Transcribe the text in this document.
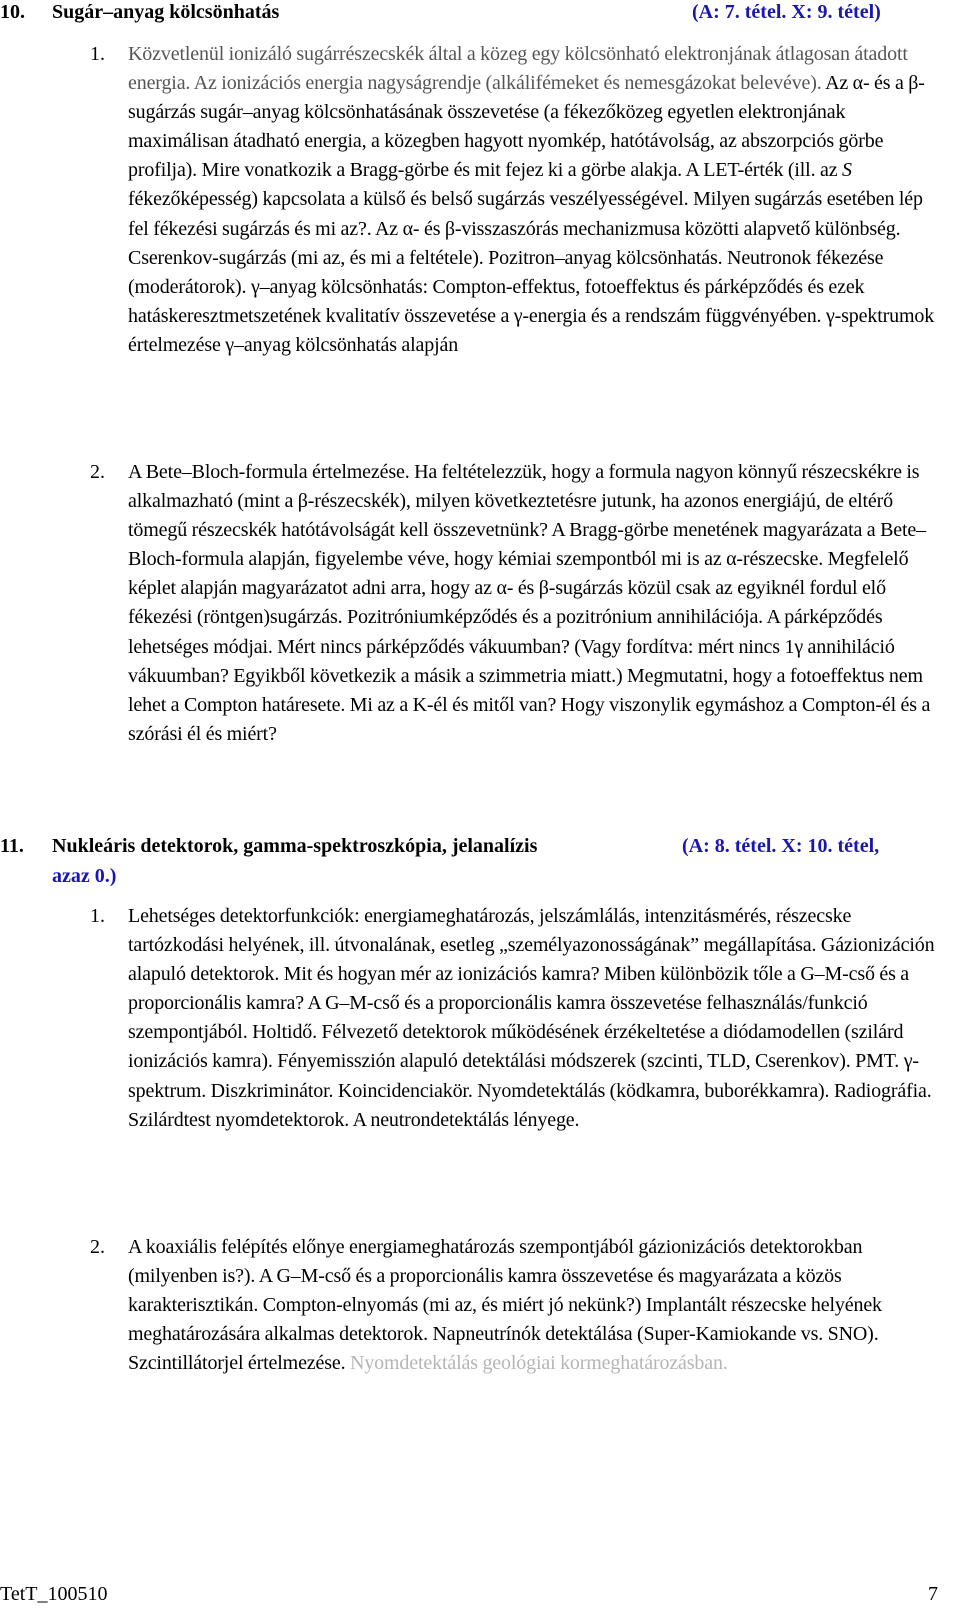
10. Sugár–anyag kölcsönhatás	(A: 7. tétel. X: 9. tétel)
1. Közvetlenül ionizáló sugárrészecskék által a közeg egy kölcsönható elektronjának átlagosan átadott energia. Az ionizációs energia nagyságrendje (alkálifémeket és nemesgázokat belevéve). Az α- és a β-sugárzás sugár–anyag kölcsönhatásának összevetése (a fékezőközeg egyetlen elektronjának maximálisan átadható energia, a közegben hagyott nyomkép, hatótávolság, az abszorpciós görbe profilja). Mire vonatkozik a Bragg-görbe és mit fejez ki a görbe alakja. A LET-érték (ill. az S fékezőképesség) kapcsolata a külső és belső sugárzás veszélyességével. Milyen sugárzás esetében lép fel fékezési sugárzás és mi az?. Az α- és β-visszaszórás mechanizmusa közötti alapvető különbség. Cserenkov-sugárzás (mi az, és mi a feltétele). Pozitron–anyag kölcsönhatás. Neutronok fékezése (moderátorok). γ–anyag kölcsönhatás: Compton-effektus, fotoeffektus és párképződés és ezek hatáskeresztmetszetének kvalitatív összevetése a γ-energia és a rendszám függvényében. γ-spektrumok értelmezése γ–anyag kölcsönhatás alapján
2. A Bete–Bloch-formula értelmezése. Ha feltételezzük, hogy a formula nagyon könnyű részecskékre is alkalmazható (mint a β-részecskék), milyen következtetésre jutunk, ha azonos energiájú, de eltérő tömegű részecskék hatótávolságát kell összevetnünk? A Bragg-görbe menetének magyarázata a Bete–Bloch-formula alapján, figyelembe véve, hogy kémiai szempontból mi is az α-részecske. Megfelelő képlet alapján magyarázatot adni arra, hogy az α- és β-sugárzás közül csak az egyiknél fordul elő fékezési (röntgen)sugárzás. Pozitróniumképződés és a pozitrónium annihilációja. A párképződés lehetséges módjai. Mért nincs párképződés vákuumban? (Vagy fordítva: mért nincs 1γ annihiláció vákuumban? Egyikből következik a másik a szimmetria miatt.) Megmutatni, hogy a fotoeffektus nem lehet a Compton határesete. Mi az a K-él és mitől van? Hogy viszonylik egymáshoz a Compton-él és a szórási él és miért?
11. Nukleáris detektorok, gamma-spektroszkópia, jelanalízis	(A: 8. tétel. X: 10. tétel,
azaz 0.)
1. Lehetséges detektorfunkciók: energiameghatározás, jelszámlálás, intenzitásmérés, részecske tartózkodási helyének, ill. útvonalának, esetleg „személyazonosságának” megállapítása. Gázionizáción alapuló detektorok. Mit és hogyan mér az ionizációs kamra? Miben különbözik tőle a G–M-cső és a proporcionális kamra? A G–M-cső és a proporcionális kamra összevetése felhasználás/funkció szempontjából. Holtidő. Félvezető detektorok működésének érzékeltetése a diódamodellen (szilárd ionizációs kamra). Fényemisszión alapuló detektálási módszerek (szcinti, TLD, Cserenkov). PMT. γ-spektrum. Diszkriminátor. Koincidenciakör. Nyomdetektálás (ködkamra, buborékkamra). Radiográfia. Szilárdtest nyomdetektorok. A neutrondetektálás lényege.
2. A koaxiális felépítés előnye energiameghatározás szempontjából gázionizációs detektorokban (milyenben is?). A G–M-cső és a proporcionális kamra összevetése és magyarázata a közös karakterisztikán. Compton-elnyomás (mi az, és miért jó nekünk?) Implantált részecske helyének meghatározására alkalmas detektorok. Napneutrínók detektálása (Super-Kamiokande vs. SNO). Szcintillátorjel értelmezése. Nyomdetektálás geológiai kormeghatározásban.
TetT_100510	7
